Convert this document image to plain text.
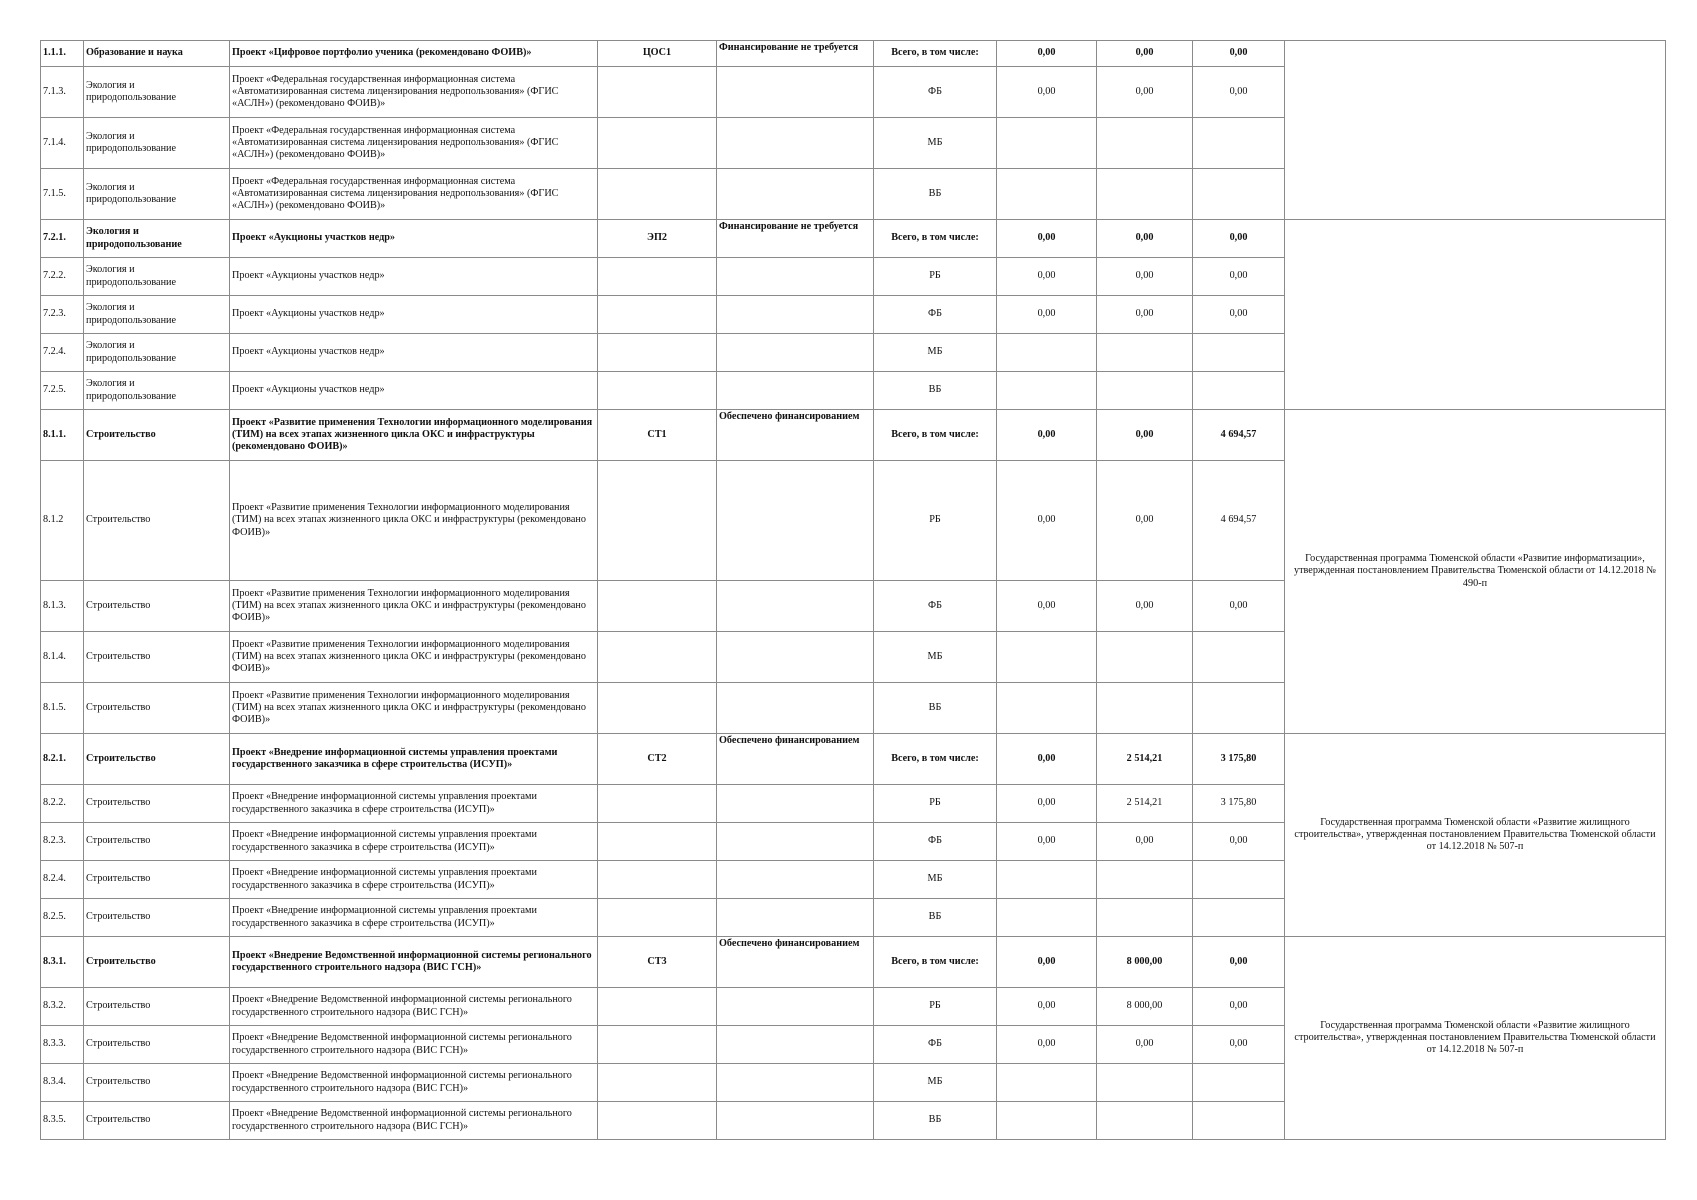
1.1.1.	Образование и наука	Проект «Цифровое портфолио ученика (рекомендовано ФОИВ)»	ЦОС1	Финансирование не требуется	Всего, в том числе:	0,00	0,00	0,00	
7.1.3.	Экология и природопользование	Проект «Федеральная государственная информационная система «Автоматизированная система лицензирования недропользования» (ФГИС «АСЛН») (рекомендовано ФОИВ)»			ФБ	0,00	0,00	0,00	
7.1.4.	Экология и природопользование	Проект «Федеральная государственная информационная система «Автоматизированная система лицензирования недропользования» (ФГИС «АСЛН») (рекомендовано ФОИВ)»			МБ				
7.1.5.	Экология и природопользование	Проект «Федеральная государственная информационная система «Автоматизированная система лицензирования недропользования» (ФГИС «АСЛН») (рекомендовано ФОИВ)»			ВБ				
7.2.1.	Экология и природопользование	Проект «Аукционы участков недр»	ЭП2	Финансирование не требуется	Всего, в том числе:	0,00	0,00	0,00	
7.2.2.	Экология и природопользование	Проект «Аукционы участков недр»			РБ	0,00	0,00	0,00	
7.2.3.	Экология и природопользование	Проект «Аукционы участков недр»			ФБ	0,00	0,00	0,00	
7.2.4.	Экология и природопользование	Проект «Аукционы участков недр»			МБ				
7.2.5.	Экология и природопользование	Проект «Аукционы участков недр»			ВБ				
8.1.1.	Строительство	Проект «Развитие применения Технологии информационного моделирования (ТИМ) на всех этапах жизненного цикла ОКС и инфраструктуры (рекомендовано ФОИВ)»	СТ1	Обеспечено финансированием	Всего, в том числе:	0,00	0,00	4 694,57	Государственная программа Тюменской области «Развитие информатизации», утвержденная постановлением Правительства Тюменской области от 14.12.2018 № 490-п
8.1.2	Строительство	Проект «Развитие применения Технологии информационного моделирования (ТИМ) на всех этапах жизненного цикла ОКС и инфраструктуры (рекомендовано ФОИВ)»			РБ	0,00	0,00	4 694,57	
8.1.3.	Строительство	Проект «Развитие применения Технологии информационного моделирования (ТИМ) на всех этапах жизненного цикла ОКС и инфраструктуры (рекомендовано ФОИВ)»			ФБ	0,00	0,00	0,00	
8.1.4.	Строительство	Проект «Развитие применения Технологии информационного моделирования (ТИМ) на всех этапах жизненного цикла ОКС и инфраструктуры (рекомендовано ФОИВ)»			МБ				
8.1.5.	Строительство	Проект «Развитие применения Технологии информационного моделирования (ТИМ) на всех этапах жизненного цикла ОКС и инфраструктуры (рекомендовано ФОИВ)»			ВБ				
8.2.1.	Строительство	Проект «Внедрение информационной системы управления проектами государственного заказчика в сфере строительства (ИСУП)»	СТ2	Обеспечено финансированием	Всего, в том числе:	0,00	2 514,21	3 175,80	Государственная программа Тюменской области «Развитие жилищного строительства», утвержденная постановлением Правительства Тюменской области от 14.12.2018 № 507-п
8.2.2.	Строительство	Проект «Внедрение информационной системы управления проектами государственного заказчика в сфере строительства (ИСУП)»			РБ	0,00	2 514,21	3 175,80	
8.2.3.	Строительство	Проект «Внедрение информационной системы управления проектами государственного заказчика в сфере строительства (ИСУП)»			ФБ	0,00	0,00	0,00	
8.2.4.	Строительство	Проект «Внедрение информационной системы управления проектами государственного заказчика в сфере строительства (ИСУП)»			МБ				
8.2.5.	Строительство	Проект «Внедрение информационной системы управления проектами государственного заказчика в сфере строительства (ИСУП)»			ВБ				
8.3.1.	Строительство	Проект «Внедрение Ведомственной информационной системы регионального государственного строительного надзора (ВИС ГСН)»	СТ3	Обеспечено финансированием	Всего, в том числе:	0,00	8 000,00	0,00	Государственная программа Тюменской области «Развитие жилищного строительства», утвержденная постановлением Правительства Тюменской области от 14.12.2018 № 507-п
8.3.2.	Строительство	Проект «Внедрение Ведомственной информационной системы регионального государственного строительного надзора (ВИС ГСН)»			РБ	0,00	8 000,00	0,00	
8.3.3.	Строительство	Проект «Внедрение Ведомственной информационной системы регионального государственного строительного надзора (ВИС ГСН)»			ФБ	0,00	0,00	0,00	
8.3.4.	Строительство	Проект «Внедрение Ведомственной информационной системы регионального государственного строительного надзора (ВИС ГСН)»			МБ				
8.3.5.	Строительство	Проект «Внедрение Ведомственной информационной системы регионального государственного строительного надзора (ВИС ГСН)»			ВБ				
